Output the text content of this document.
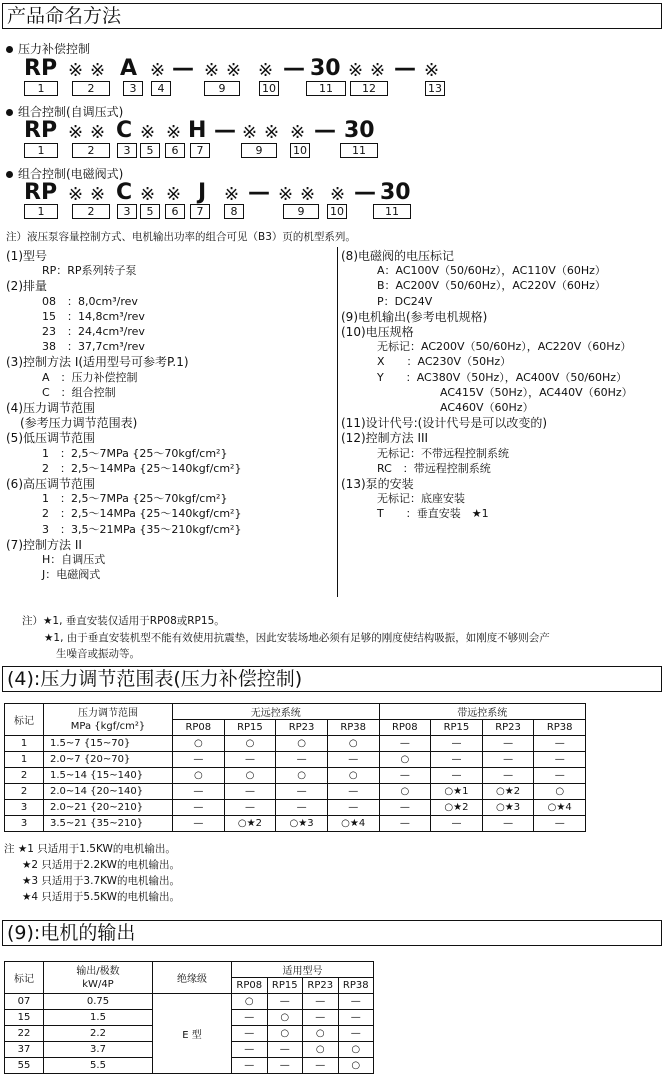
产品命名方法
压力补偿控制
RP ※ ※ A ※ — ※ ※ ※ — 30 ※ ※ — ※
1	2	3	4	9	10	11	12	13
组合控制(自调压式)
RP ※ ※ C ※ ※ H — ※ ※ ※ — 30
1	2	3	5	6	7	9	10	11
组合控制(电磁阀式)
RP ※ ※ C ※ ※ J ※ — ※ ※ ※ — 30
1	2	3	5	6	7	8	9	10	11
注）液压泵容量控制方式、电机输出功率的组合可见（B3）页的机型系列。
(1)型号
RP：RP系列转子泵
(2)排量
08　：8,0cm³/rev
15　：14,8cm³/rev
23　：24,4cm³/rev
38　：37,7cm³/rev
(3)控制方法 I(适用型号可参考P.1)
A　：压力补偿控制
C　：组合控制
(4)压力调节范围
(参考压力调节范围表)
(5)低压调节范围
1　：2,5～7MPa {25～70kgf/cm²}
2　：2,5～14MPa {25～140kgf/cm²}
(6)高压调节范围
1　：2,5～7MPa {25～70kgf/cm²}
2　：2,5～14MPa {25～140kgf/cm²}
3　：3,5～21MPa {35～210kgf/cm²}
(7)控制方法 II
H：自调压式
J：电磁阀式
(8)电磁阀的电压标记
A：AC100V（50/60Hz），AC110V（60Hz）
B：AC200V（50/60Hz），AC220V（60Hz）
P：DC24V
(9)电机输出(参考电机规格)
(10)电压规格
无标记：AC200V（50/60Hz），AC220V（60Hz）
X　　：AC230V（50Hz）
Y　　：AC380V（50Hz），AC400V（50/60Hz）
AC415V（50Hz），AC440V（60Hz）
AC460V（60Hz）
(11)设计代号:(设计代号是可以改变的)
(12)控制方法 III
无标记：不带远程控制系统
RC　：带远程控制系统
(13)泵的安装
无标记：底座安装
T　　：垂直安装　★1
注）★1, 垂直安装仅适用于RP08或RP15。
★1, 由于垂直安装机型不能有效使用抗震垫，因此安装场地必须有足够的刚度使结构吸振，如刚度不够则会产
生噪音或振动等。
(4):压力调节范围表(压力补偿控制)
标记	压力调节范围
MPa {kgf/cm²}	无远控系统				带远控系统			
		RP08	RP15	RP23	RP38	RP08	RP15	RP23	RP38
1	1.5~7 {15~70}	○	○	○	○	—	—	—	—
1	2.0~7 {20~70}	—	—	—	—	○	—	—	—
2	1.5~14 {15~140}	○	○	○	○	—	—	—	—
2	2.0~14 {20~140}	—	—	—	—	○	○★1	○★2	○
3	2.0~21 {20~210}	—	—	—	—	—	○★2	○★3	○★4
3	3.5~21 {35~210}	—	○★2	○★3	○★4	—	—	—	—
注 ★1 只适用于1.5KW的电机输出。
★2 只适用于2.2KW的电机输出。
★3 只适用于3.7KW的电机输出。
★4 只适用于5.5KW的电机输出。
(9):电机的输出
标记	输出/极数
kW/4P	绝缘级	适用型号			
			RP08	RP15	RP23	RP38
07	0.75	E 型	○	—	—	—
15	1.5		—	○	—	—
22	2.2		—	○	○	—
37	3.7		—	—	○	○
55	5.5		—	—	—	○
